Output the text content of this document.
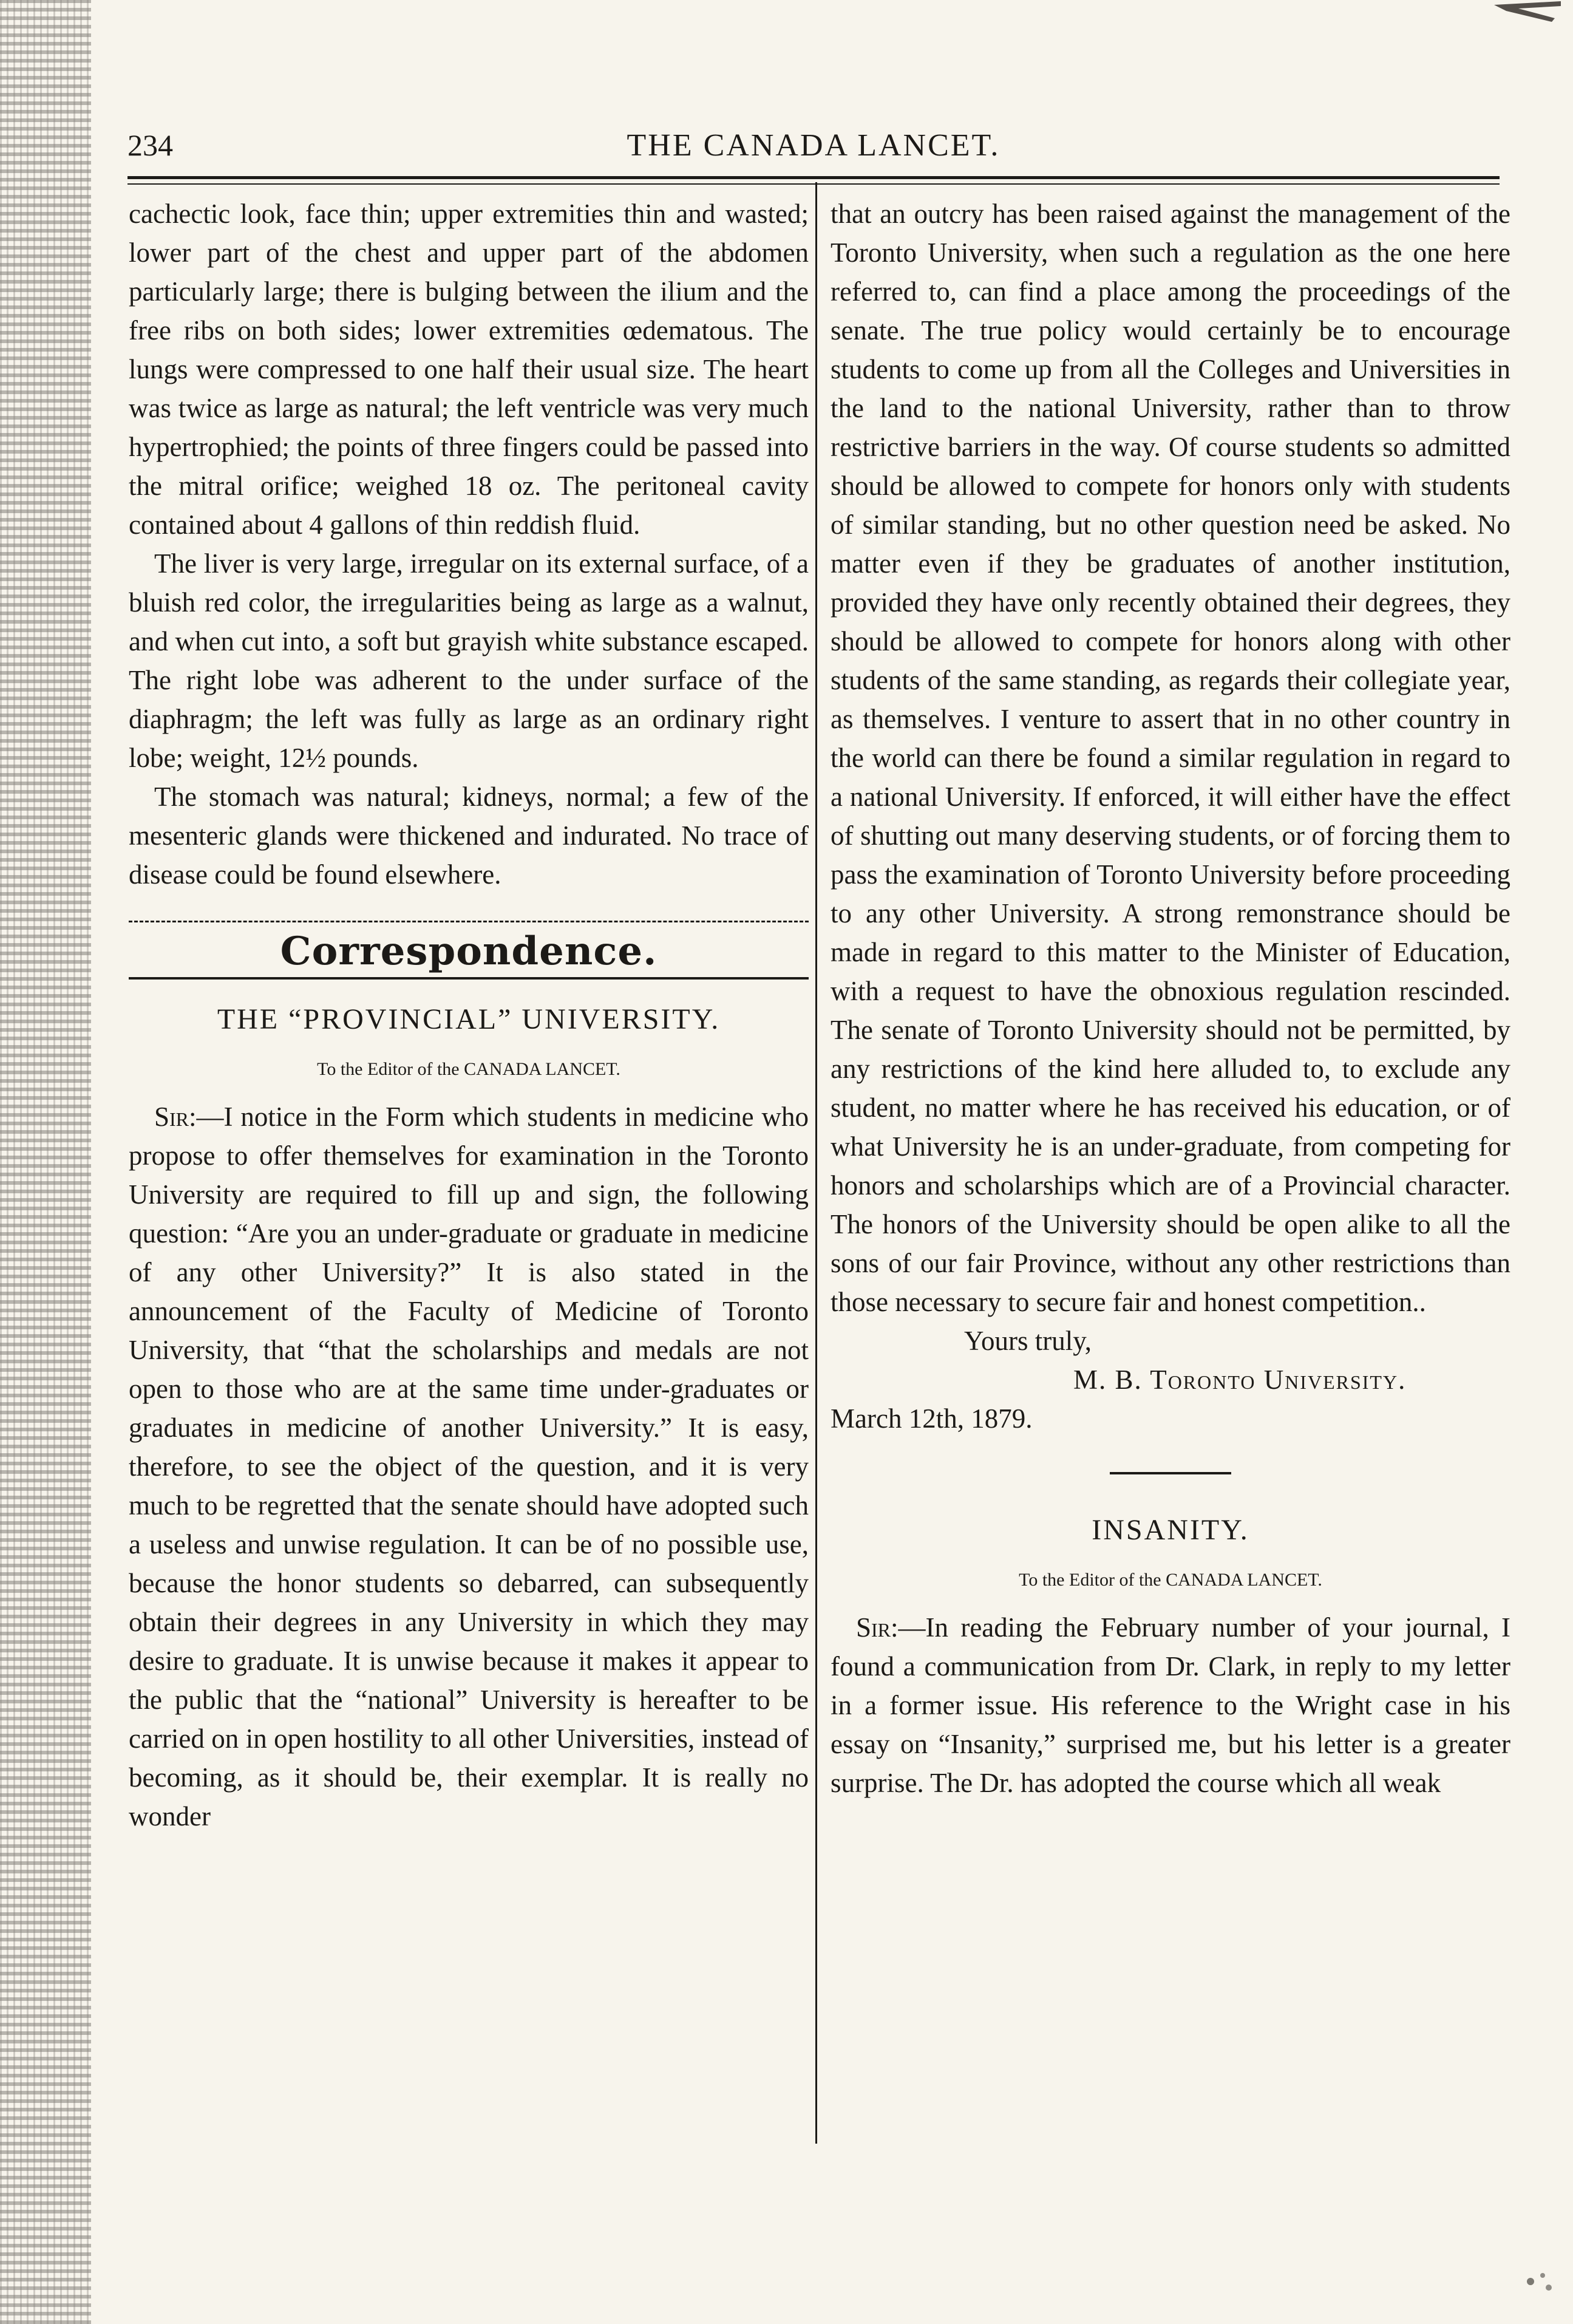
234	THE CANADA LANCET.

cachectic look, face thin; upper extremities thin and wasted; lower part of the chest and upper part of the abdomen particularly large; there is bulging between the ilium and the free ribs on both sides; lower extremities œdematous. The lungs were compressed to one half their usual size. The heart was twice as large as natural; the left ventricle was very much hypertrophied; the points of three fingers could be passed into the mitral orifice; weighed 18 oz. The peritoneal cavity contained about 4 gallons of thin reddish fluid.

The liver is very large, irregular on its external surface, of a bluish red color, the irregularities being as large as a walnut, and when cut into, a soft but grayish white substance escaped. The right lobe was adherent to the under surface of the diaphragm; the left was fully as large as an ordinary right lobe; weight, 12½ pounds.

The stomach was natural; kidneys, normal; a few of the mesenteric glands were thickened and indurated. No trace of disease could be found elsewhere.

Correspondence.
THE “PROVINCIAL” UNIVERSITY.
To the Editor of the CANADA LANCET.

Sir:—I notice in the Form which students in medicine who propose to offer themselves for examination in the Toronto University are required to fill up and sign, the following question: “Are you an under-graduate or graduate in medicine of any other University?” It is also stated in the announcement of the Faculty of Medicine of Toronto University, that “that the scholarships and medals are not open to those who are at the same time under-graduates or graduates in medicine of another University.” It is easy, therefore, to see the object of the question, and it is very much to be regretted that the senate should have adopted such a useless and unwise regulation. It can be of no possible use, because the honor students so debarred, can subsequently obtain their degrees in any University in which they may desire to graduate. It is unwise because it makes it appear to the public that the “national” University is hereafter to be carried on in open hostility to all other Universities, instead of becoming, as it should be, their exemplar. It is really no wonder

that an outcry has been raised against the management of the Toronto University, when such a regulation as the one here referred to, can find a place among the proceedings of the senate. The true policy would certainly be to encourage students to come up from all the Colleges and Universities in the land to the national University, rather than to throw restrictive barriers in the way. Of course students so admitted should be allowed to compete for honors only with students of similar standing, but no other question need be asked. No matter even if they be graduates of another institution, provided they have only recently obtained their degrees, they should be allowed to compete for honors along with other students of the same standing, as regards their collegiate year, as themselves. I venture to assert that in no other country in the world can there be found a similar regulation in regard to a national University. If enforced, it will either have the effect of shutting out many deserving students, or of forcing them to pass the examination of Toronto University before proceeding to any other University. A strong remonstrance should be made in regard to this matter to the Minister of Education, with a request to have the obnoxious regulation rescinded. The senate of Toronto University should not be permitted, by any restrictions of the kind here alluded to, to exclude any student, no matter where he has received his education, or of what University he is an under-graduate, from competing for honors and scholarships which are of a Provincial character. The honors of the University should be open alike to all the sons of our fair Province, without any other restrictions than those necessary to secure fair and honest competition..

Yours truly,

M. B. Toronto University.

March 12th, 1879.

INSANITY.
To the Editor of the CANADA LANCET.

Sir:—In reading the February number of your journal, I found a communication from Dr. Clark, in reply to my letter in a former issue. His reference to the Wright case in his essay on “Insanity,” surprised me, but his letter is a greater surprise. The Dr. has adopted the course which all weak
